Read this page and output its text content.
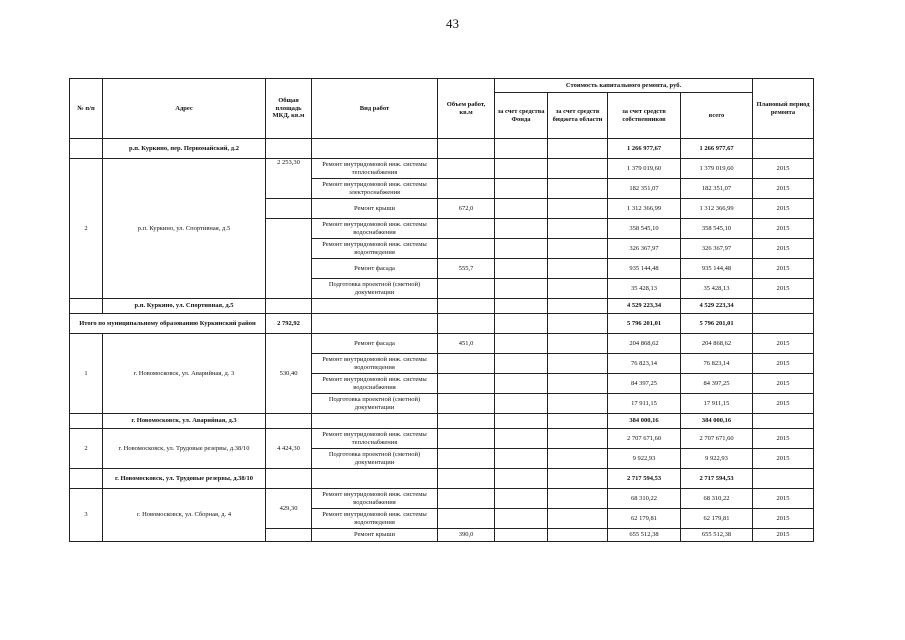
43
№ п/п	Адрес	Общая площадь МКД, кв.м	Вид работ	Объем работ, кв.м	Стоимость капитального ремонта, руб.				Плановый период ремонта
					за счет средства Фонда	за счет средств бюджета области	за счет средств собственников	всего	
	р.п. Куркино, пер. Первомайский, д.2						1 266 977,67	1 266 977,67	
2	р.п. Куркино, ул. Спортивная, д.5	2 253,30	Ремонт внутридомовой инж. системы теплоснабжения				1 379 019,60	1 379 019,60	2015
			Ремонт внутридомовой инж. системы электроснабжения				182 351,07	182 351,07	2015
			Ремонт крыши	672,0			1 312 366,99	1 312 366,99	2015
			Ремонт внутридомовой инж. системы водоснабжения				358 545,10	358 545,10	2015
			Ремонт внутридомовой инж. системы водоотведения				326 367,97	326 367,97	2015
			Ремонт фасада	555,7			935 144,48	935 144,48	2015
			Подготовка проектной (сметной) документации				35 428,13	35 428,13	2015
	р.п. Куркино, ул. Спортивная, д.5						4 529 223,34	4 529 223,34	
Итого по муниципальному образованию Куркинский район		2 792,92					5 796 201,01	5 796 201,01	
1	г. Новомосковск, ул. Аварийная, д. 3	530,40	Ремонт фасада	451,0			204 868,62	204 868,62	2015
			Ремонт внутридомовой инж. системы водоотведения				76 823,14	76 823,14	2015
			Ремонт внутридомовой инж. системы водоснабжения				84 397,25	84 397,25	2015
			Подготовка проектной (сметной) документации				17 911,15	17 911,15	2015
	г. Новомосковск, ул. Аварийная, д.3						384 000,16	384 000,16	
2	г. Новомосковск, ул. Трудовые резервы, д.38/10	4 424,30	Ремонт внутридомовой инж. системы теплоснабжения				2 707 671,60	2 707 671,60	2015
			Подготовка проектной (сметной) документации				9 922,93	9 922,93	2015
	г. Новомосковск, ул. Трудовые резервы, д.38/10						2 717 594,53	2 717 594,53	
3	г. Новомосковск, ул. Сборная, д. 4	429,30	Ремонт внутридомовой инж. системы водоснабжения				68 310,22	68 310,22	2015
			Ремонт внутридомовой инж. системы водоотведения				62 179,81	62 179,81	2015
			Ремонт крыши	390,0			655 512,38	655 512,38	2015
